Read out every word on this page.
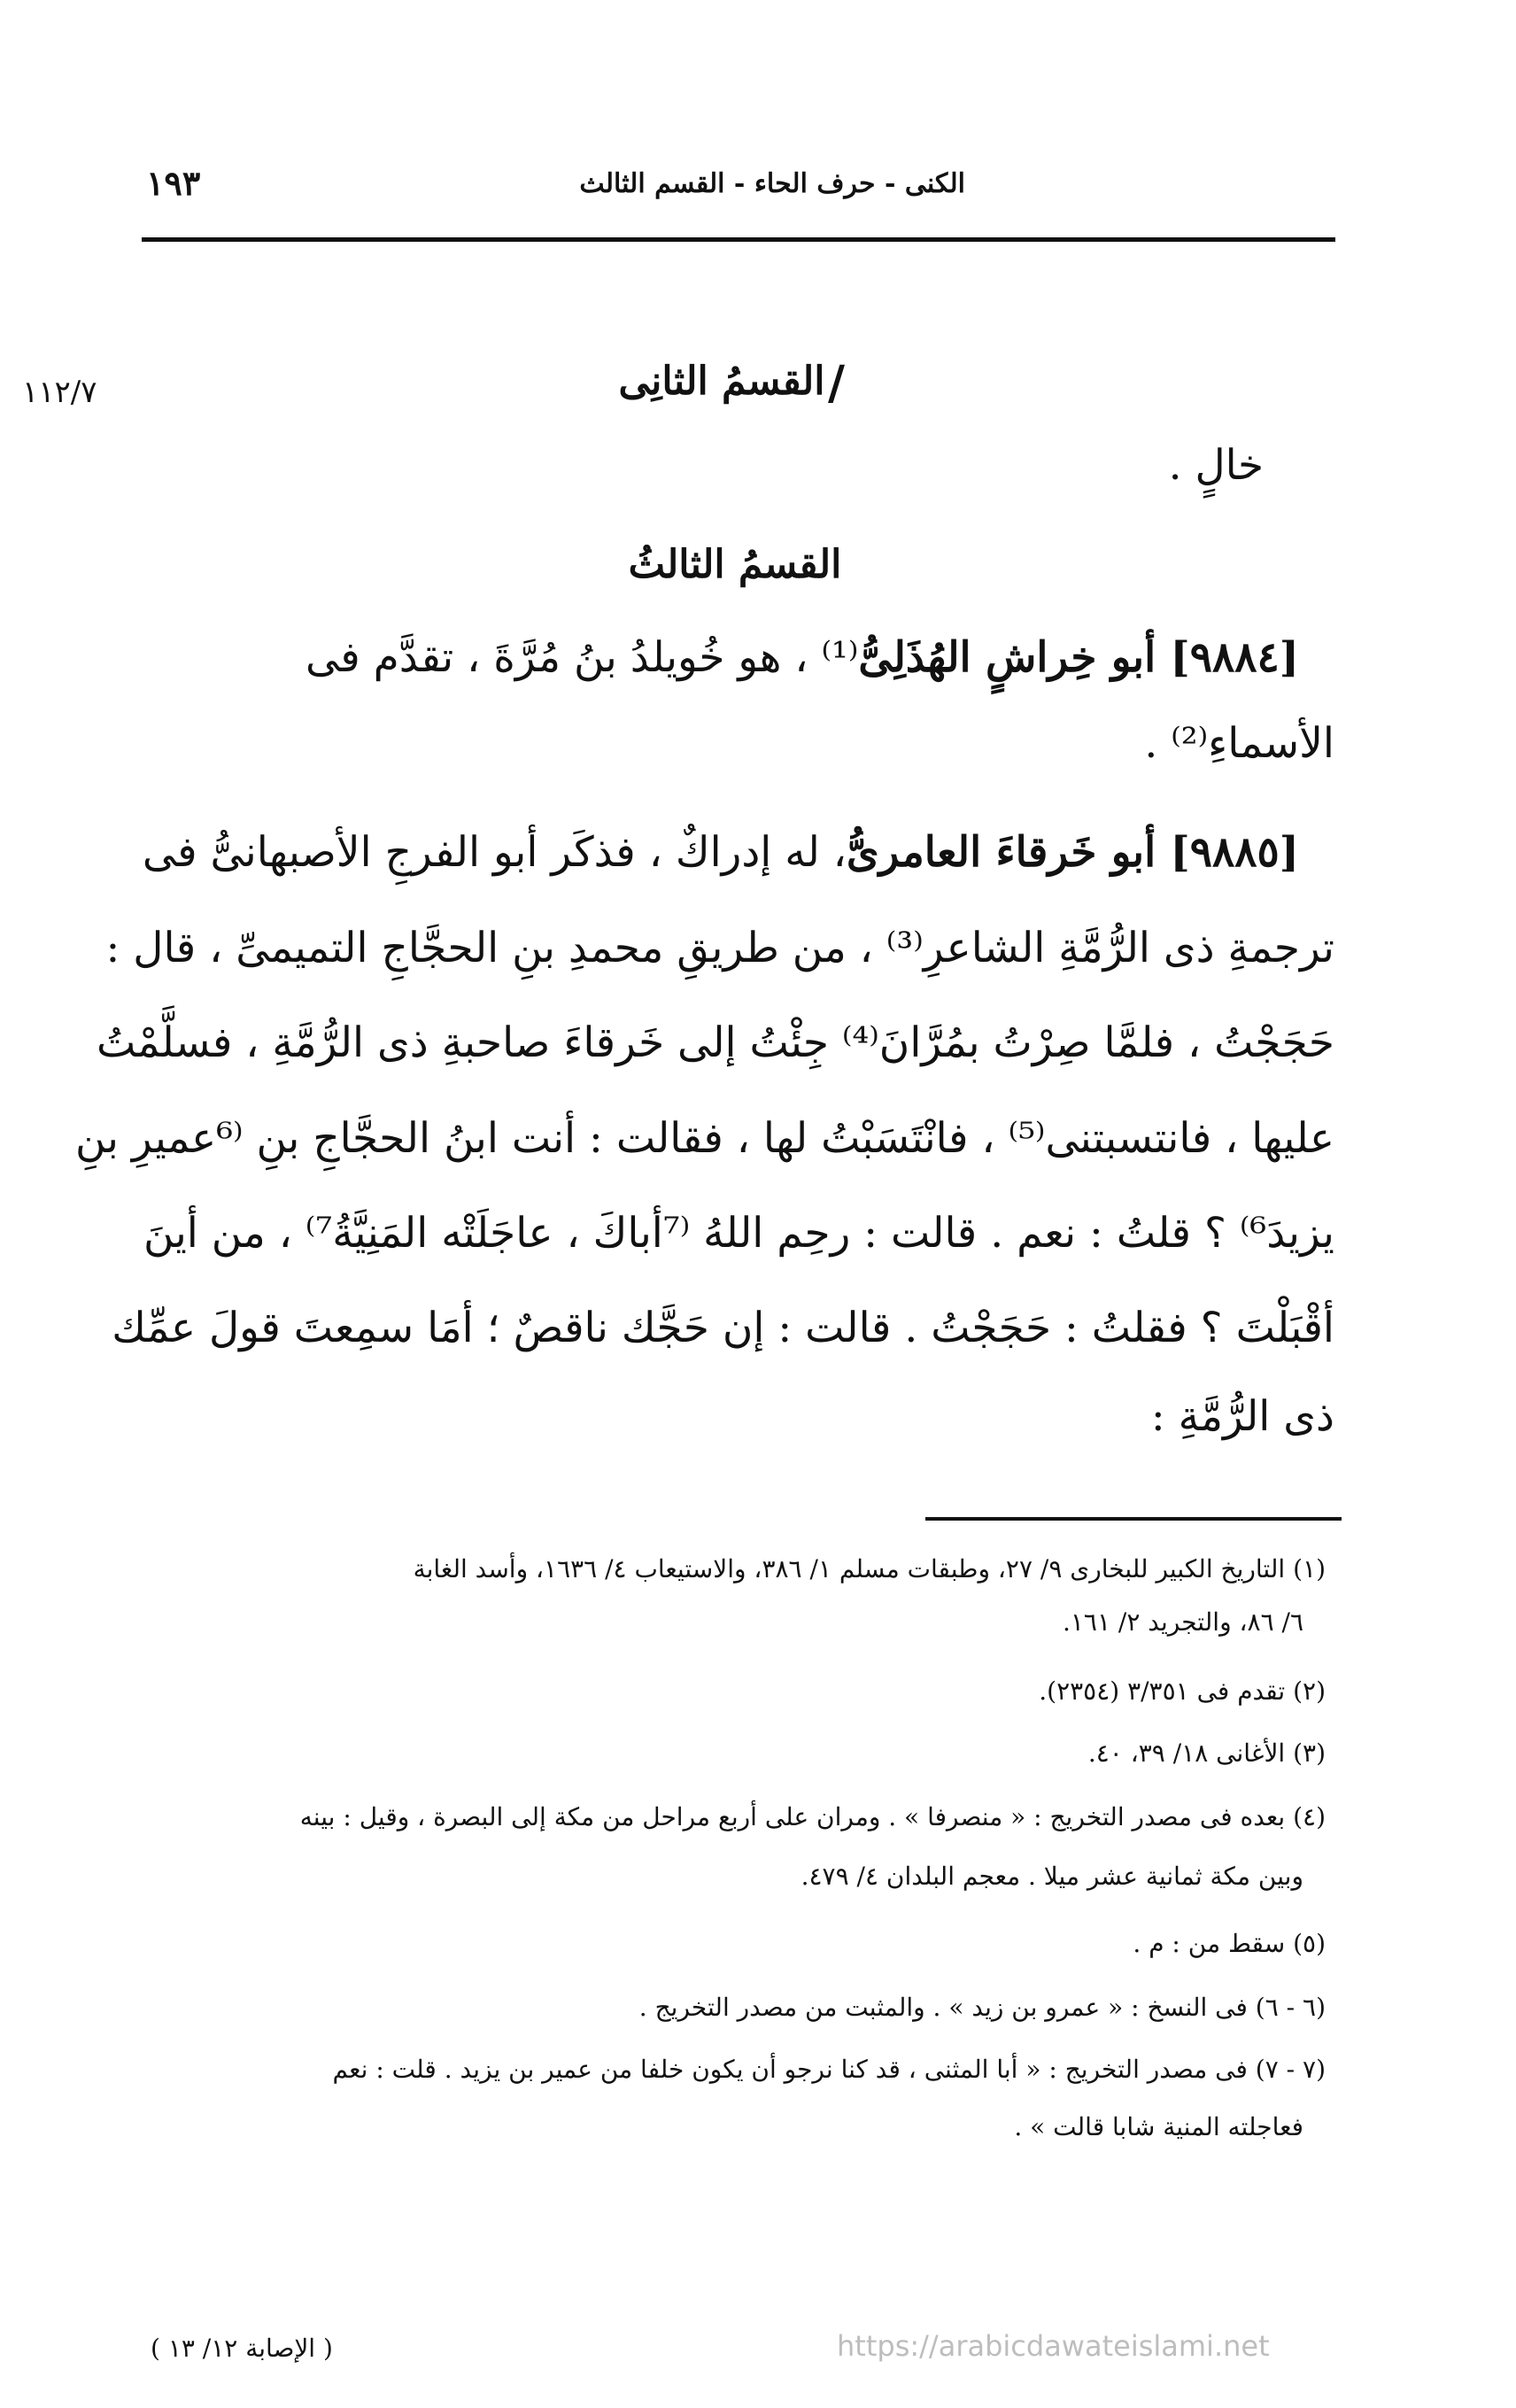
الكنى - حرف الحاء - القسم الثالث
١٩٣
١١٢/٧	/
القسمُ الثانِى
خالٍ .
القسمُ الثالثُ
[٩٨٨٤] أبو خِراشٍ الهُذَلِىُّ⁽¹⁾ ، هو خُويلدُ بنُ مُرَّةَ ، تقدَّم فى
الأسماءِ⁽²⁾ .
[٩٨٨٥] أبو خَرقاءَ العامرىُّ، له إدراكٌ ، فذكَر أبو الفرجِ الأصبهانىُّ فى
ترجمةِ ذى الرُّمَّةِ الشاعرِ⁽³⁾ ، من طريقِ محمدِ بنِ الحجَّاجِ التميمىِّ ، قال :
حَجَجْتُ ، فلمَّا صِرْتُ بمُرَّانَ⁽⁴⁾ جِئْتُ إلى خَرقاءَ صاحبةِ ذى الرُّمَّةِ ، فسلَّمْتُ
عليها ، فانتسبتنى⁽⁵⁾ ، فانْتَسَبْتُ لها ، فقالت : أنت ابنُ الحجَّاجِ بنِ ⁽⁶عميرِ بنِ
يزيدَ⁶⁾ ؟ قلتُ : نعم . قالت : رحِم اللهُ ⁽⁷أباكَ ، عاجَلَتْه المَنِيَّةُ⁷⁾ ، من أينَ
أقْبَلْتَ ؟ فقلتُ : حَجَجْتُ . قالت : إن حَجَّك ناقصٌ ؛ أمَا سمِعتَ قولَ عمِّك
ذى الرُّمَّةِ :
(١) التاريخ الكبير للبخارى ٩/ ٢٧، وطبقات مسلم ١/ ٣٨٦، والاستيعاب ٤/ ١٦٣٦، وأسد الغابة
٦/ ٨٦، والتجريد ٢/ ١٦١.
(٢) تقدم فى ٣/٣٥١ (٢٣٥٤).
(٣) الأغانى ١٨/ ٣٩، ٤٠.
(٤) بعده فى مصدر التخريج : « منصرفا » . ومران على أربع مراحل من مكة إلى البصرة ، وقيل : بينه
وبين مكة ثمانية عشر ميلا . معجم البلدان ٤/ ٤٧٩.
(٥) سقط من : م .
(٦ - ٦) فى النسخ : « عمرو بن زيد » . والمثبت من مصدر التخريج .
(٧ - ٧) فى مصدر التخريج : « أبا المثنى ، قد كنا نرجو أن يكون خلفا من عمير بن يزيد . قلت : نعم
فعاجلته المنية شابا قالت » .
https://arabicdawateislami.net
( الإصابة ١٢/ ١٣ )
